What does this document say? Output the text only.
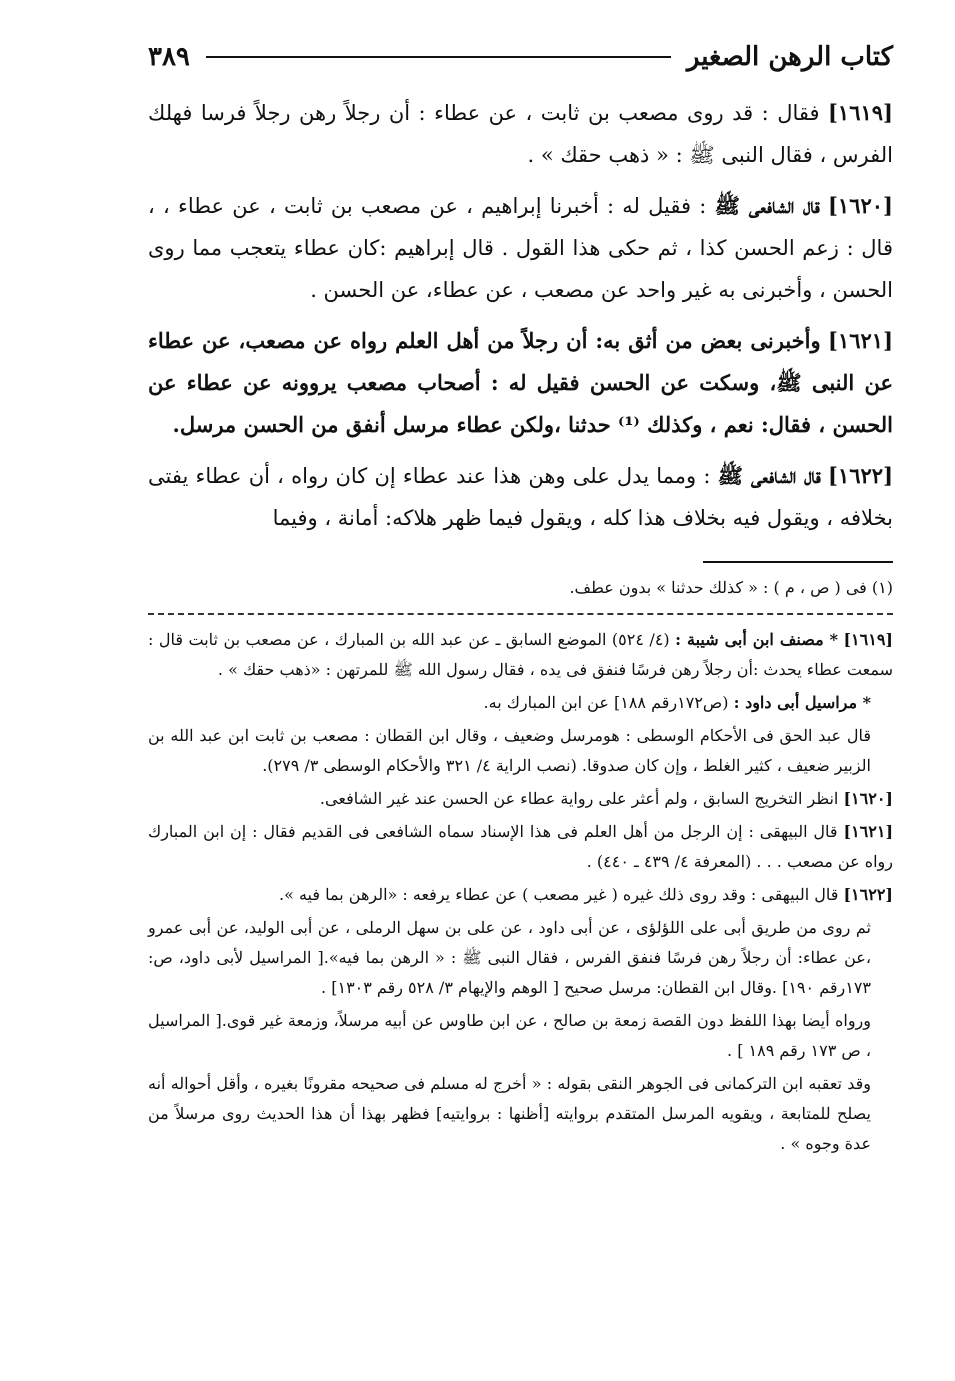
كتاب الرهن الصغير
٣٨٩

[١٦١٩] فقال : قد روى مصعب بن ثابت ، عن عطاء : أن رجلاً رهن رجلاً فرسا فهلك الفرس ، فقال النبى ﷺ : « ذهب حقك » .

[١٦٢٠] قال الشافعى ﷺ : فقيل له : أخبرنا إبراهيم ، عن مصعب بن ثابت ، عن عطاء ، ، قال : زعم الحسن كذا ، ثم حكى هذا القول . قال إبراهيم :كان عطاء يتعجب مما روى الحسن ، وأخبرنى به غير واحد عن مصعب ، عن عطاء، عن الحسن .

[١٦٢١] وأخبرنى بعض من أثق به: أن رجلاً من أهل العلم رواه عن مصعب، عن عطاء عن النبى ﷺ، وسكت عن الحسن فقيل له : أصحاب مصعب يروونه عن عطاء عن الحسن ، فقال: نعم ، وكذلك ⁽¹⁾ حدثنا ،ولكن عطاء مرسل أنفق من الحسن مرسل.

[١٦٢٢] قال الشافعى ﷺ : ومما يدل على وهن هذا عند عطاء إن كان رواه ، أن عطاء يفتى بخلافه ، ويقول فيه بخلاف هذا كله ، ويقول فيما ظهر هلاكه: أمانة ، وفيما

(١) فى ( ص ، م ) : « كذلك حدثنا » بدون عطف.

[١٦١٩] * مصنف ابن أبى شيبة : (٤/ ٥٢٤) الموضع السابق ـ عن عبد الله بن المبارك ، عن مصعب بن ثابت قال : سمعت عطاء يحدث :أن رجلاً رهن فرسًا فنفق فى يده ، فقال رسول الله ﷺ للمرتهن : «ذهب حقك » .

* مراسيل أبى داود : (ص١٧٢رقم ١٨٨] عن ابن المبارك به.

قال عبد الحق فى الأحكام الوسطى : هومرسل وضعيف ، وقال ابن القطان : مصعب بن ثابت ابن عبد الله بن الزبير ضعيف ، كثير الغلط ، وإن كان صدوقا. (نصب الراية ٤/ ٣٢١ والأحكام الوسطى ٣/ ٢٧٩).

[١٦٢٠] انظر التخريج السابق ، ولم أعثر على رواية عطاء عن الحسن عند غير الشافعى.

[١٦٢١] قال البيهقى : إن الرجل من أهل العلم فى هذا الإسناد سماه الشافعى فى القديم فقال : إن ابن المبارك رواه عن مصعب . . . (المعرفة ٤/ ٤٣٩ ـ ٤٤٠) .

[١٦٢٢] قال البيهقى : وقد روى ذلك غيره ( غير مصعب ) عن عطاء يرفعه : «الرهن بما فيه ».

ثم روى من طريق أبى على اللؤلؤى ، عن أبى داود ، عن على بن سهل الرملى ، عن أبى الوليد، عن أبى عمرو ،عن عطاء: أن رجلاً رهن فرسًا فنفق الفرس ، فقال النبى ﷺ : « الرهن بما فيه».[ المراسيل لأبى داود، ص: ١٧٣رقم ١٩٠] .وقال ابن القطان: مرسل صحيح [ الوهم والإيهام ٣/ ٥٢٨ رقم ١٣٠٣] .

ورواه أيضا بهذا اللفظ دون القصة زمعة بن صالح ، عن ابن طاوس عن أبيه مرسلاً، وزمعة غير قوى.[ المراسيل ، ص ١٧٣ رقم ١٨٩ ] .

وقد تعقبه ابن التركمانى فى الجوهر النقى بقوله : « أخرج له مسلم فى صحيحه مقرونًا بغيره ، وأقل أحواله أنه يصلح للمتابعة ، ويقويه المرسل المتقدم بروايته [أظنها : بروايتيه] فظهر بهذا أن هذا الحديث روى مرسلاً من عدة وجوه » .
